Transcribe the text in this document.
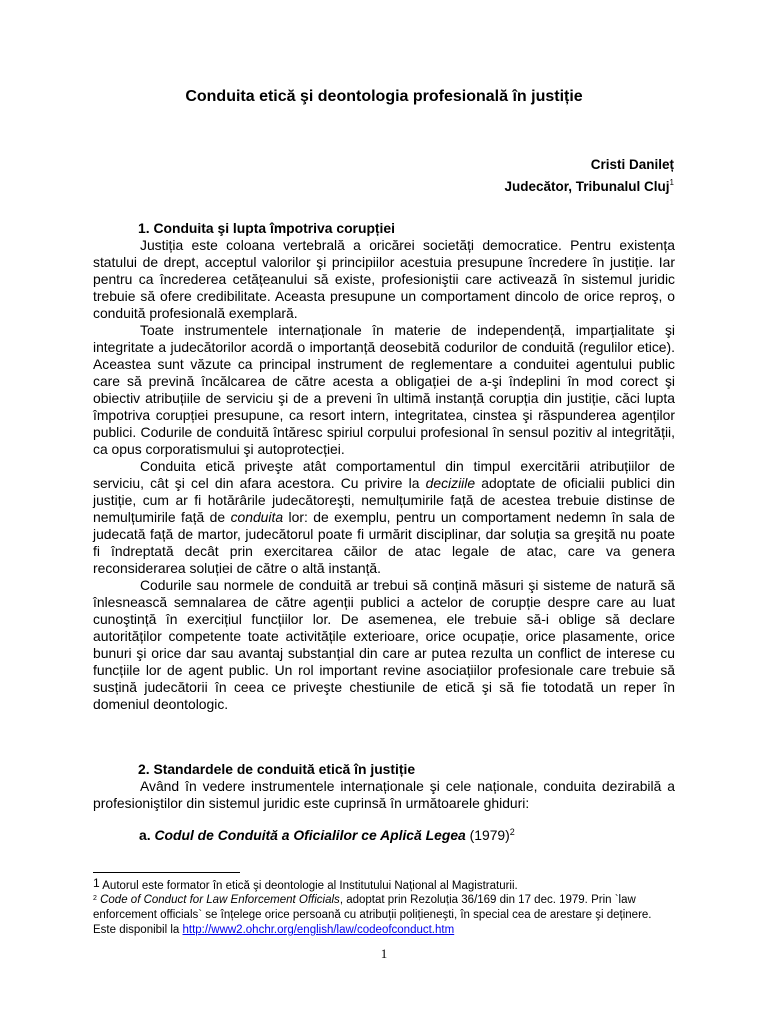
Conduita etică şi deontologia profesională în justiție
Cristi Danileț
Judecător, Tribunalul Cluj$^1$
1. Conduita şi lupta împotriva corupției

Justiția este coloana vertebrală a oricărei societăți democratice. Pentru existența statului de drept, acceptul valorilor şi principiilor acestuia presupune încredere în justiție. Iar pentru ca încrederea cetățeanului să existe, profesioniştii care activează în sistemul juridic trebuie să ofere credibilitate. Aceasta presupune un comportament dincolo de orice reproş, o conduită profesională exemplară.

Toate instrumentele internaționale în materie de independență, imparțialitate şi integritate a judecătorilor acordă o importanță deosebită codurilor de conduită (regulilor etice). Aceastea sunt văzute ca principal instrument de reglementare a conduitei agentului public care să prevină încălcarea de către acesta a obligației de a-şi îndeplini în mod corect şi obiectiv atribuțiile de serviciu şi de a preveni în ultimă instanță corupția din justiție, căci lupta împotriva corupției presupune, ca resort intern, integritatea, cinstea şi răspunderea agenților publici. Codurile de conduită întăresc spiriul corpului profesional în sensul pozitiv al integrității, ca opus corporatismului şi autoprotecției.

Conduita etică priveşte atât comportamentul din timpul exercitării atribuțiilor de serviciu, cât şi cel din afara acestora. Cu privire la deciziile adoptate de oficialii publici din justiție, cum ar fi hotărârile judecătoreşti, nemulțumirile față de acestea trebuie distinse de nemulțumirile față de conduita lor: de exemplu, pentru un comportament nedemn în sala de judecată față de martor, judecătorul poate fi urmărit disciplinar, dar soluția sa greşită nu poate fi îndreptată decât prin exercitarea căilor de atac legale de atac, care va genera reconsiderarea soluției de către o altă instanță.

Codurile sau normele de conduită ar trebui să conțină măsuri şi sisteme de natură să înlesnească semnalarea de către agenții publici a actelor de corupție despre care au luat cunoştință în exercițiul funcțiilor lor. De asemenea, ele trebuie să-i oblige să declare autorităților competente toate activitățile exterioare, orice ocupație, orice plasamente, orice bunuri şi orice dar sau avantaj substanțial din care ar putea rezulta un conflict de interese cu funcțiile lor de agent public. Un rol important revine asociațiilor profesionale care trebuie să susțină judecătorii în ceea ce priveşte chestiunile de etică şi să fie totodată un reper în domeniul deontologic.

2. Standardele de conduită etică în justiție

Având în vedere instrumentele internaționale şi cele naționale, conduita dezirabilă a profesioniştilor din sistemul juridic este cuprinsă în următoarele ghiduri:

a. Codul de Conduită a Oficialilor ce Aplică Legea $(1979)^2$
$^1$ Autorul este formator în etică şi deontologie al Institutului Național al Magistraturii.
$^2$ Code of Conduct for Law Enforcement Officials, adoptat prin Rezoluția 36/169 din 17 dec. 1979. Prin `law enforcement officials` se înțelege orice persoană cu atribuții polițieneşti, în special cea de arestare şi deținere. Este disponibil la http://www2.ohchr.org/english/law/codeofconduct.htm
1
